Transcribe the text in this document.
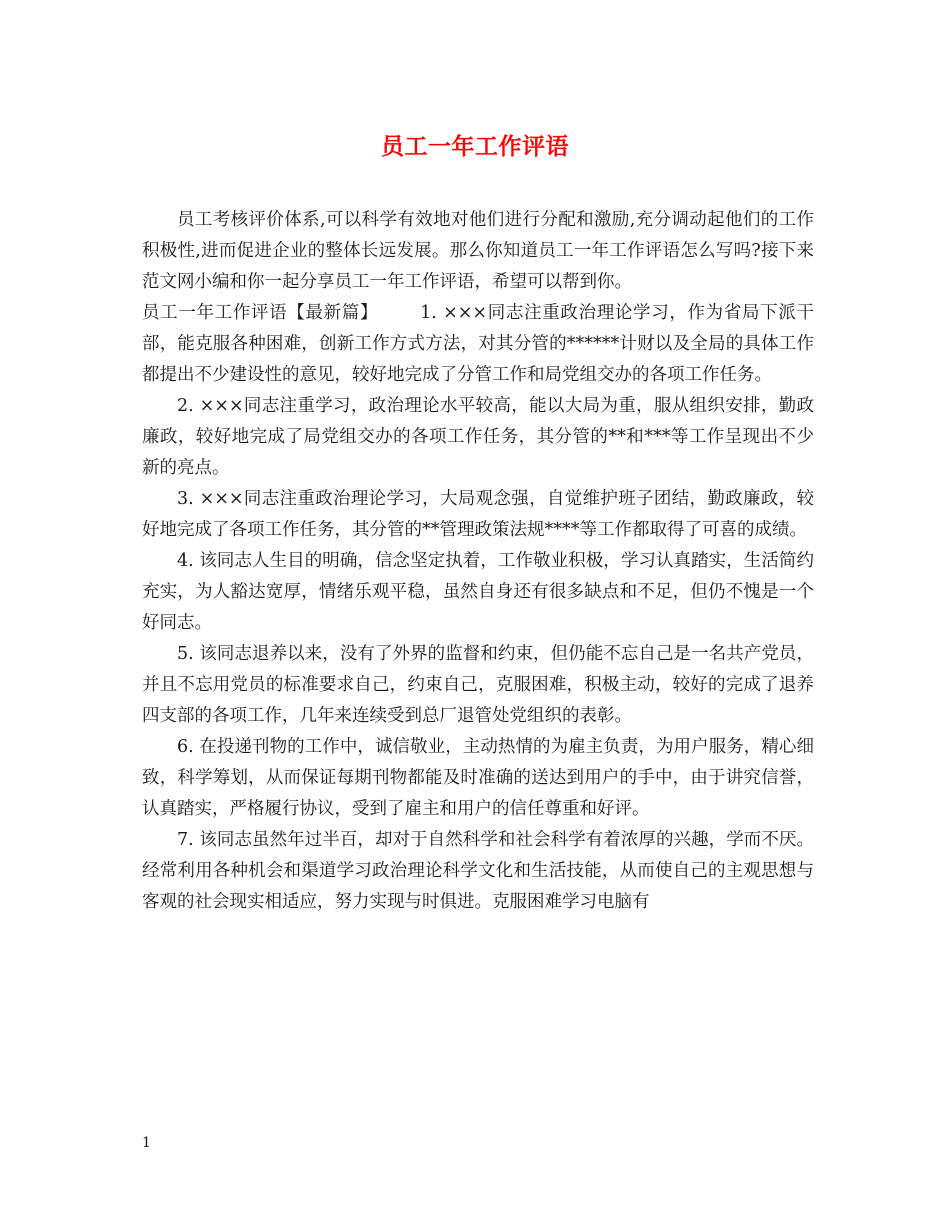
员工一年工作评语

员工考核评价体系,可以科学有效地对他们进行分配和激励,充分调动起他们的工作积极性,进而促进企业的整体长远发展。那么你知道员工一年工作评语怎么写吗?接下来范文网小编和你一起分享员工一年工作评语，希望可以帮到你。

员工一年工作评语【最新篇】 1. ×××同志注重政治理论学习，作为省局下派干部，能克服各种困难，创新工作方式方法，对其分管的******计财以及全局的具体工作都提出不少建设性的意见，较好地完成了分管工作和局党组交办的各项工作任务。

2. ×××同志注重学习，政治理论水平较高，能以大局为重，服从组织安排，勤政廉政，较好地完成了局党组交办的各项工作任务，其分管的**和***等工作呈现出不少新的亮点。

3. ×××同志注重政治理论学习，大局观念强，自觉维护班子团结，勤政廉政，较好地完成了各项工作任务，其分管的**管理政策法规****等工作都取得了可喜的成绩。

4. 该同志人生目的明确，信念坚定执着，工作敬业积极，学习认真踏实，生活简约充实，为人豁达宽厚，情绪乐观平稳，虽然自身还有很多缺点和不足，但仍不愧是一个好同志。

5. 该同志退养以来，没有了外界的监督和约束，但仍能不忘自己是一名共产党员，并且不忘用党员的标准要求自己，约束自己，克服困难，积极主动，较好的完成了退养四支部的各项工作，几年来连续受到总厂退管处党组织的表彰。

6. 在投递刊物的工作中，诚信敬业，主动热情的为雇主负责，为用户服务，精心细致，科学筹划，从而保证每期刊物都能及时准确的送达到用户的手中，由于讲究信誉，认真踏实，严格履行协议，受到了雇主和用户的信任尊重和好评。

7. 该同志虽然年过半百，却对于自然科学和社会科学有着浓厚的兴趣，学而不厌。经常利用各种机会和渠道学习政治理论科学文化和生活技能，从而使自己的主观思想与客观的社会现实相适应，努力实现与时俱进。克服困难学习电脑有

1
